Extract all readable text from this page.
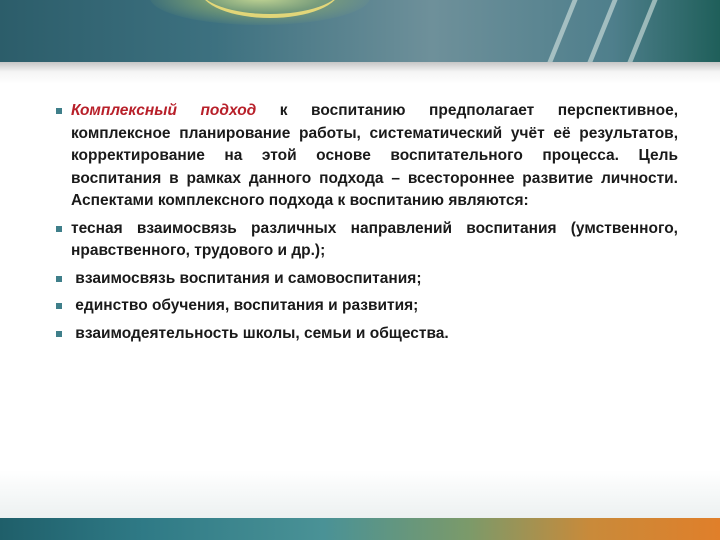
Комплексный подход к воспитанию предполагает перспективное, комплексное планирование работы, систематический учёт её результатов, корректирование на этой основе воспитательного процесса. Цель воспитания в рамках данного подхода – всестороннее развитие личности. Аспектами комплексного подхода к воспитанию являются:
тесная взаимосвязь различных направлений воспитания (умственного, нравственного, трудового и др.);
взаимосвязь воспитания и самовоспитания;
единство обучения, воспитания и развития;
взаимодеятельность школы, семьи и общества.
